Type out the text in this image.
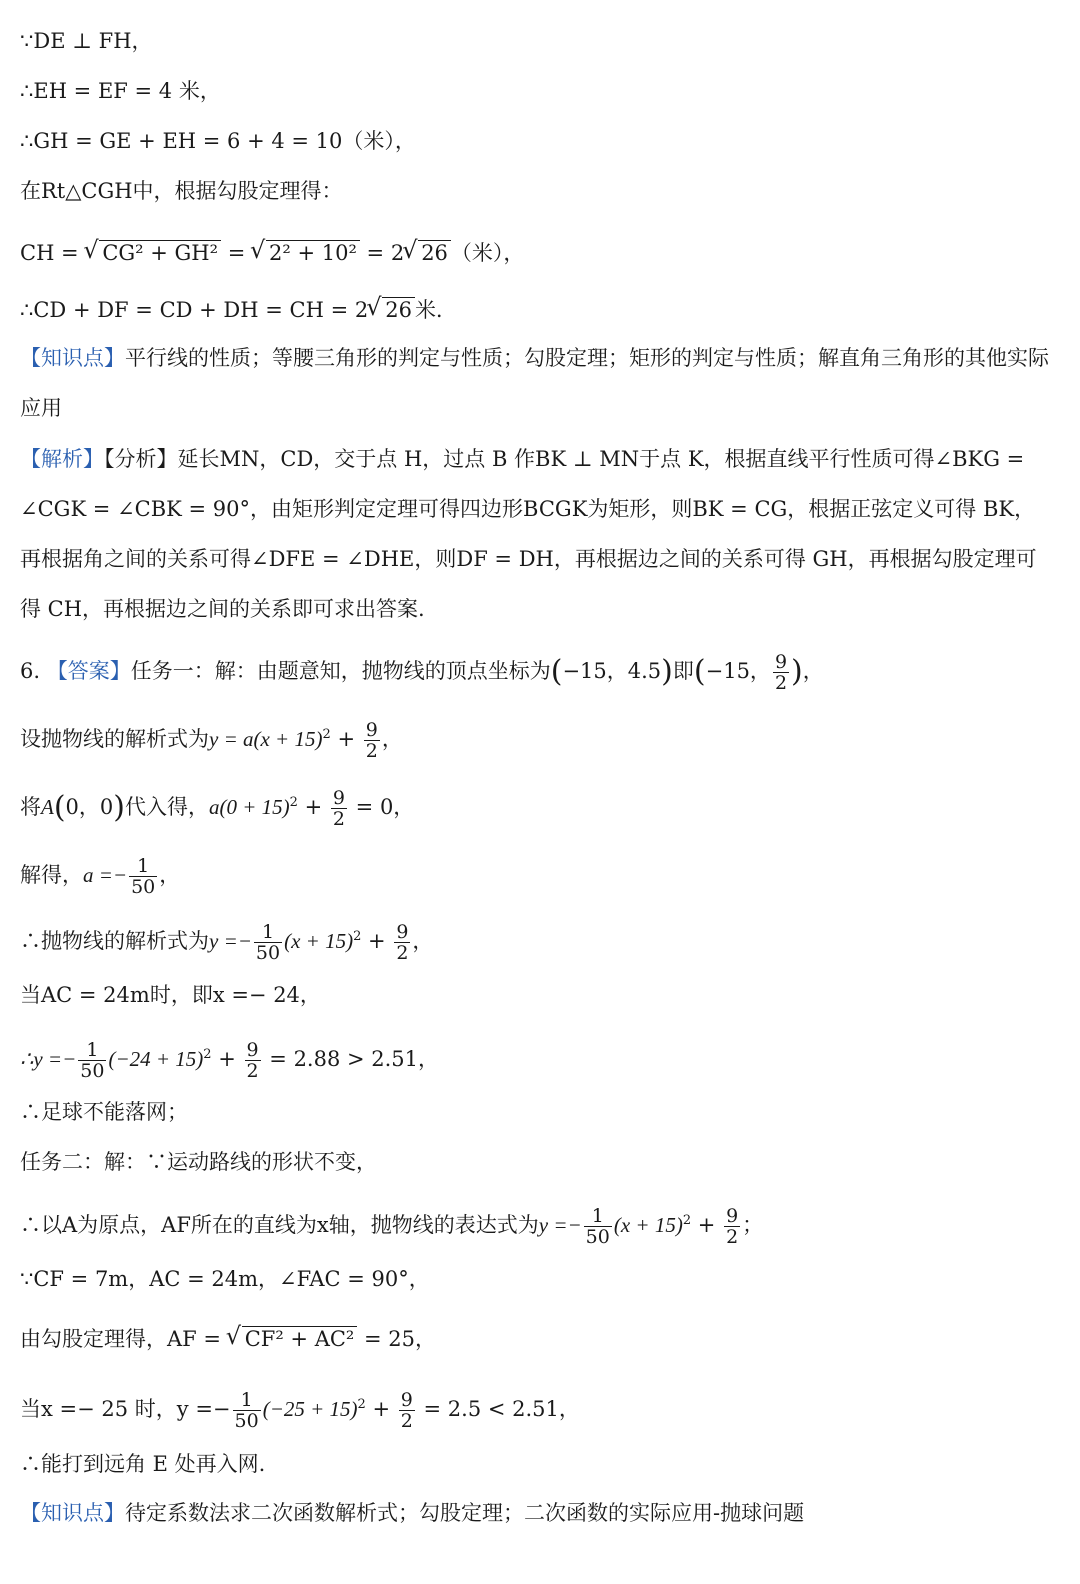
∵DE ⊥ FH，
∴EH = EF = 4 米，
∴GH = GE + EH = 6 + 4 = 10（米），
在Rt△CGH中，根据勾股定理得：
CH = √ CG² + GH² = √ 2² + 10² = 2 √ 26 （米），
∴CD + DF = CD + DH = CH = 2 √ 26 米.
【知识点】平行线的性质；等腰三角形的判定与性质；勾股定理；矩形的判定与性质；解直角三角形的其他实际应用
【解析】【分析】延长MN，CD，交于点 H，过点 B 作BK ⊥ MN于点 K，根据直线平行性质可得∠BKG = ∠CGK = ∠CBK = 90°，由矩形判定定理可得四边形BCGK为矩形，则BK = CG，根据正弦定义可得 BK，再根据角之间的关系可得∠DFE = ∠DHE，则DF = DH，再根据边之间的关系可得 GH，再根据勾股定理可得 CH，再根据边之间的关系即可求出答案.
6. 【答案】任务一：解：由题意知，抛物线的顶点坐标为(−15，4.5)即(−15， $\frac{9}{2}$ )，
设抛物线的解析式为$y = a(x + 15)^2 + \frac{9}{2}$ ，
将A(0，0)代入得，$a(0 + 15)^2 + \frac{9}{2} = 0$，
解得，$a =- \frac{1}{50}$ ，
∴抛物线的解析式为$y =- \frac{1}{50} (x + 15)^2 + \frac{9}{2}$ ，
当AC = 24m时，即x =− 24，
∴y =− $\frac{1}{50} (-24 + 15)^2 + \frac{9}{2} = 2.88 > 2.51$，
∴足球不能落网；
任务二：解：∵运动路线的形状不变，
∴以A为原点，AF所在的直线为x轴，抛物线的表达式为$y =- \frac{1}{50} (x + 15)^2 + \frac{9}{2}$ ；
∵CF = 7m，AC = 24m，∠FAC = 90°，
由勾股定理得，AF = √ CF² + AC² = 25，
当x =− 25 时，$y =- \frac{1}{50} (-25 + 15)^2 + \frac{9}{2} = 2.5 < 2.51$，
∴能打到远角 E 处再入网.
【知识点】待定系数法求二次函数解析式；勾股定理；二次函数的实际应用-抛球问题
